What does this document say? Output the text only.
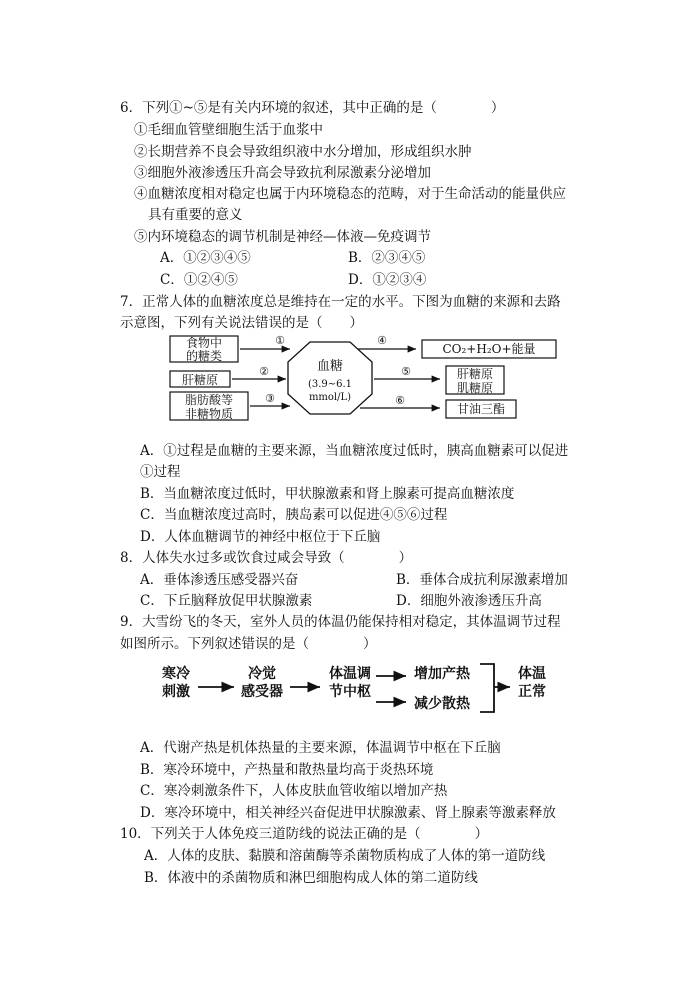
6．下列①~⑤是有关内环境的叙述，其中正确的是（　　　　）
①毛细血管壁细胞生活于血浆中
②长期营养不良会导致组织液中水分增加，形成组织水肿
③细胞外液渗透压升高会导致抗利尿激素分泌增加
④血糖浓度相对稳定也属于内环境稳态的范畴，对于生命活动的能量供应
具有重要的意义
⑤内环境稳态的调节机制是神经—体液—免疫调节
A．①②③④⑤	B．②③④⑤
C．①②④⑤	D．①②③④
7．正常人体的血糖浓度总是维持在一定的水平。下图为血糖的来源和去路
示意图，下列有关说法错误的是（　　）
食物中
的糖类
肝糖原
脂肪酸等
非糖物质
①
②
③
血糖
(3.9~6.1
mmol/L)
④
⑤
⑥
CO₂+H₂O+能量
肝糖原
肌糖原
甘油三酯
A．①过程是血糖的主要来源，当血糖浓度过低时，胰高血糖素可以促进
①过程
B．当血糖浓度过低时，甲状腺激素和肾上腺素可提高血糖浓度
C．当血糖浓度过高时，胰岛素可以促进④⑤⑥过程
D．人体血糖调节的神经中枢位于下丘脑
8．人体失水过多或饮食过咸会导致（　　　　）
A．垂体渗透压感受器兴奋	B．垂体合成抗利尿激素增加
C．下丘脑释放促甲状腺激素	D．细胞外液渗透压升高
9．大雪纷飞的冬天，室外人员的体温仍能保持相对稳定，其体温调节过程
如图所示。下列叙述错误的是（　　　　）
寒冷
刺激
冷觉
感受器
体温调
节中枢
增加产热
减少散热
体温
正常
A．代谢产热是机体热量的主要来源，体温调节中枢在下丘脑
B．寒冷环境中，产热量和散热量均高于炎热环境
C．寒冷刺激条件下，人体皮肤血管收缩以增加产热
D．寒冷环境中，相关神经兴奋促进甲状腺激素、肾上腺素等激素释放
10．下列关于人体免疫三道防线的说法正确的是（　　　　）
A．人体的皮肤、黏膜和溶菌酶等杀菌物质构成了人体的第一道防线
B．体液中的杀菌物质和淋巴细胞构成人体的第二道防线
